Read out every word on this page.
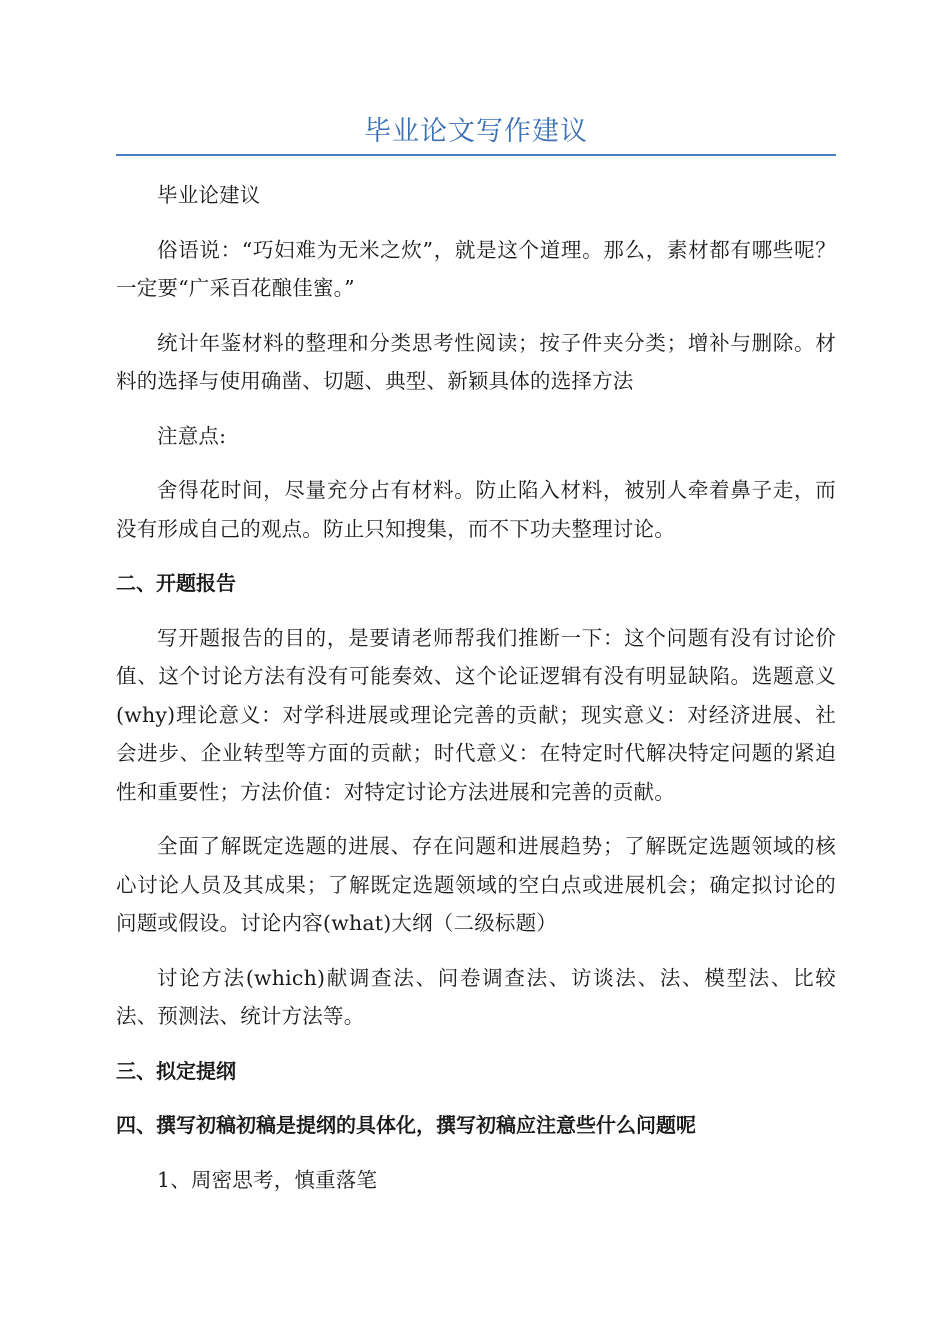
毕业论文写作建议

毕业论建议

俗语说：“巧妇难为无米之炊”，就是这个道理。那么，素材都有哪些呢？一定要“广采百花酿佳蜜。”

统计年鉴材料的整理和分类思考性阅读；按子件夹分类；增补与删除。材料的选择与使用确凿、切题、典型、新颖具体的选择方法

注意点:

舍得花时间，尽量充分占有材料。防止陷入材料，被别人牵着鼻子走，而没有形成自己的观点。防止只知搜集，而不下功夫整理讨论。

二、开题报告

写开题报告的目的，是要请老师帮我们推断一下：这个问题有没有讨论价值、这个讨论方法有没有可能奏效、这个论证逻辑有没有明显缺陷。选题意义(why)理论意义：对学科进展或理论完善的贡献；现实意义：对经济进展、社会进步、企业转型等方面的贡献；时代意义：在特定时代解决特定问题的紧迫性和重要性；方法价值：对特定讨论方法进展和完善的贡献。

全面了解既定选题的进展、存在问题和进展趋势；了解既定选题领域的核心讨论人员及其成果；了解既定选题领域的空白点或进展机会；确定拟讨论的问题或假设。讨论内容(what)大纲（二级标题）

讨论方法(which)献调查法、问卷调查法、访谈法、法、模型法、比较法、预测法、统计方法等。

三、拟定提纲
四、撰写初稿初稿是提纲的具体化，撰写初稿应注意些什么问题呢

1、周密思考，慎重落笔
